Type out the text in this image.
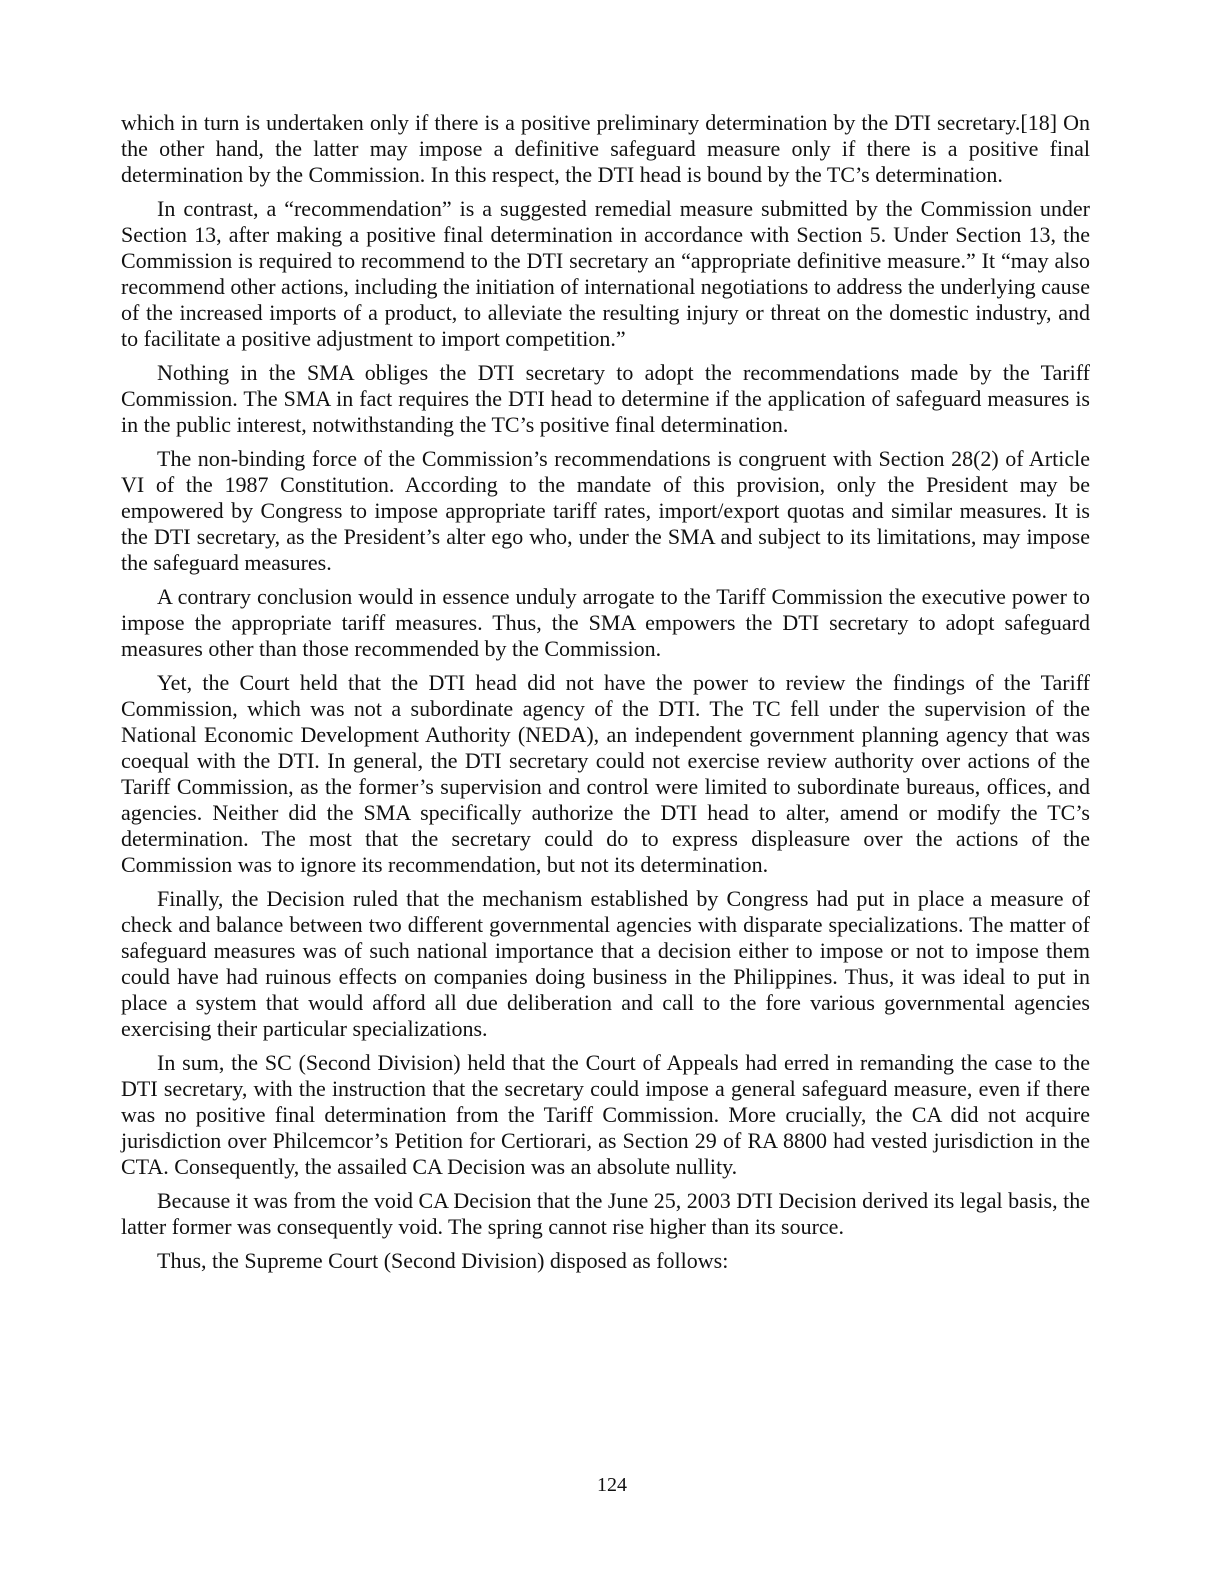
which in turn is undertaken only if there is a positive preliminary determination by the DTI secretary.[18] On the other hand, the latter may impose a definitive safeguard measure only if there is a positive final determination by the Commission. In this respect, the DTI head is bound by the TC’s determination.

In contrast, a “recommendation” is a suggested remedial measure submitted by the Commission under Section 13, after making a positive final determination in accordance with Section 5. Under Section 13, the Commission is required to recommend to the DTI secretary an “appropriate definitive measure.” It “may also recommend other actions, including the initiation of international negotiations to address the underlying cause of the increased imports of a product, to alleviate the resulting injury or threat on the domestic industry, and to facilitate a positive adjustment to import competition.”

Nothing in the SMA obliges the DTI secretary to adopt the recommendations made by the Tariff Commission. The SMA in fact requires the DTI head to determine if the application of safeguard measures is in the public interest, notwithstanding the TC’s positive final determination.

The non-binding force of the Commission’s recommendations is congruent with Section 28(2) of Article VI of the 1987 Constitution. According to the mandate of this provision, only the President may be empowered by Congress to impose appropriate tariff rates, import/export quotas and similar measures. It is the DTI secretary, as the President’s alter ego who, under the SMA and subject to its limitations, may impose the safeguard measures.

A contrary conclusion would in essence unduly arrogate to the Tariff Commission the executive power to impose the appropriate tariff measures. Thus, the SMA empowers the DTI secretary to adopt safeguard measures other than those recommended by the Commission.

Yet, the Court held that the DTI head did not have the power to review the findings of the Tariff Commission, which was not a subordinate agency of the DTI. The TC fell under the supervision of the National Economic Development Authority (NEDA), an independent government planning agency that was coequal with the DTI. In general, the DTI secretary could not exercise review authority over actions of the Tariff Commission, as the former’s supervision and control were limited to subordinate bureaus, offices, and agencies. Neither did the SMA specifically authorize the DTI head to alter, amend or modify the TC’s determination. The most that the secretary could do to express displeasure over the actions of the Commission was to ignore its recommendation, but not its determination.

Finally, the Decision ruled that the mechanism established by Congress had put in place a measure of check and balance between two different governmental agencies with disparate specializations. The matter of safeguard measures was of such national importance that a decision either to impose or not to impose them could have had ruinous effects on companies doing business in the Philippines. Thus, it was ideal to put in place a system that would afford all due deliberation and call to the fore various governmental agencies exercising their particular specializations.

In sum, the SC (Second Division) held that the Court of Appeals had erred in remanding the case to the DTI secretary, with the instruction that the secretary could impose a general safeguard measure, even if there was no positive final determination from the Tariff Commission. More crucially, the CA did not acquire jurisdiction over Philcemcor’s Petition for Certiorari, as Section 29 of RA 8800 had vested jurisdiction in the CTA. Consequently, the assailed CA Decision was an absolute nullity.

Because it was from the void CA Decision that the June 25, 2003 DTI Decision derived its legal basis, the latter former was consequently void. The spring cannot rise higher than its source.

Thus, the Supreme Court (Second Division) disposed as follows:

124
